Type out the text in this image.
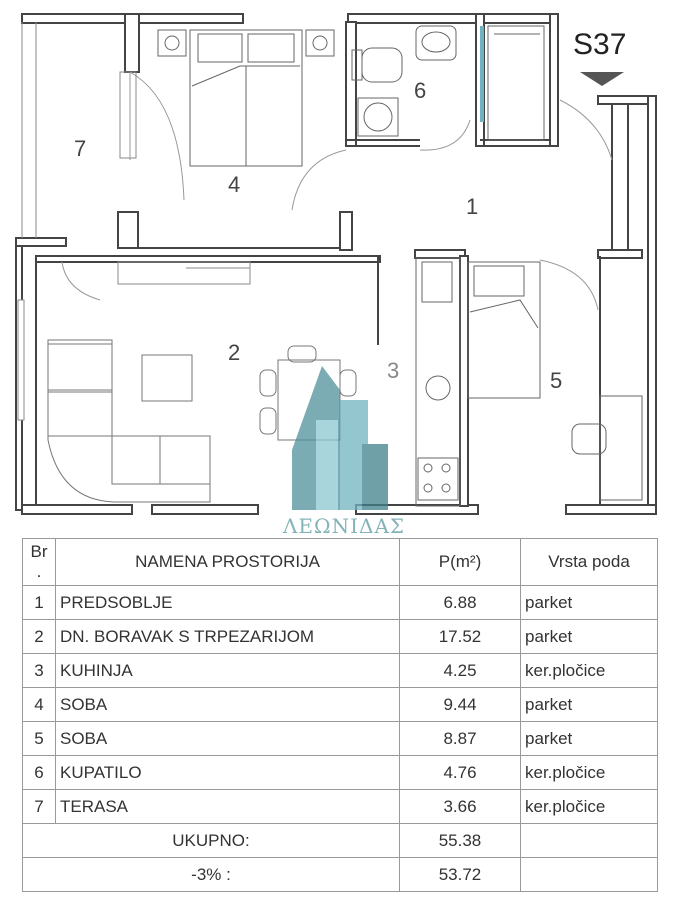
S37
1
2
3
4
5
6
7
ΛΕΩΝΙΔΑΣ
Br .	NAMENA PROSTORIJA	P(m²)	Vrsta poda
1	PREDSOBLJE	6.88	parket
2	DN. BORAVAK S TRPEZARIJOM	17.52	parket
3	KUHINJA	4.25	ker.pločice
4	SOBA	9.44	parket
5	SOBA	8.87	parket
6	KUPATILO	4.76	ker.pločice
7	TERASA	3.66	ker.pločice
UKUPNO:		55.38	
-3% :		53.72	
